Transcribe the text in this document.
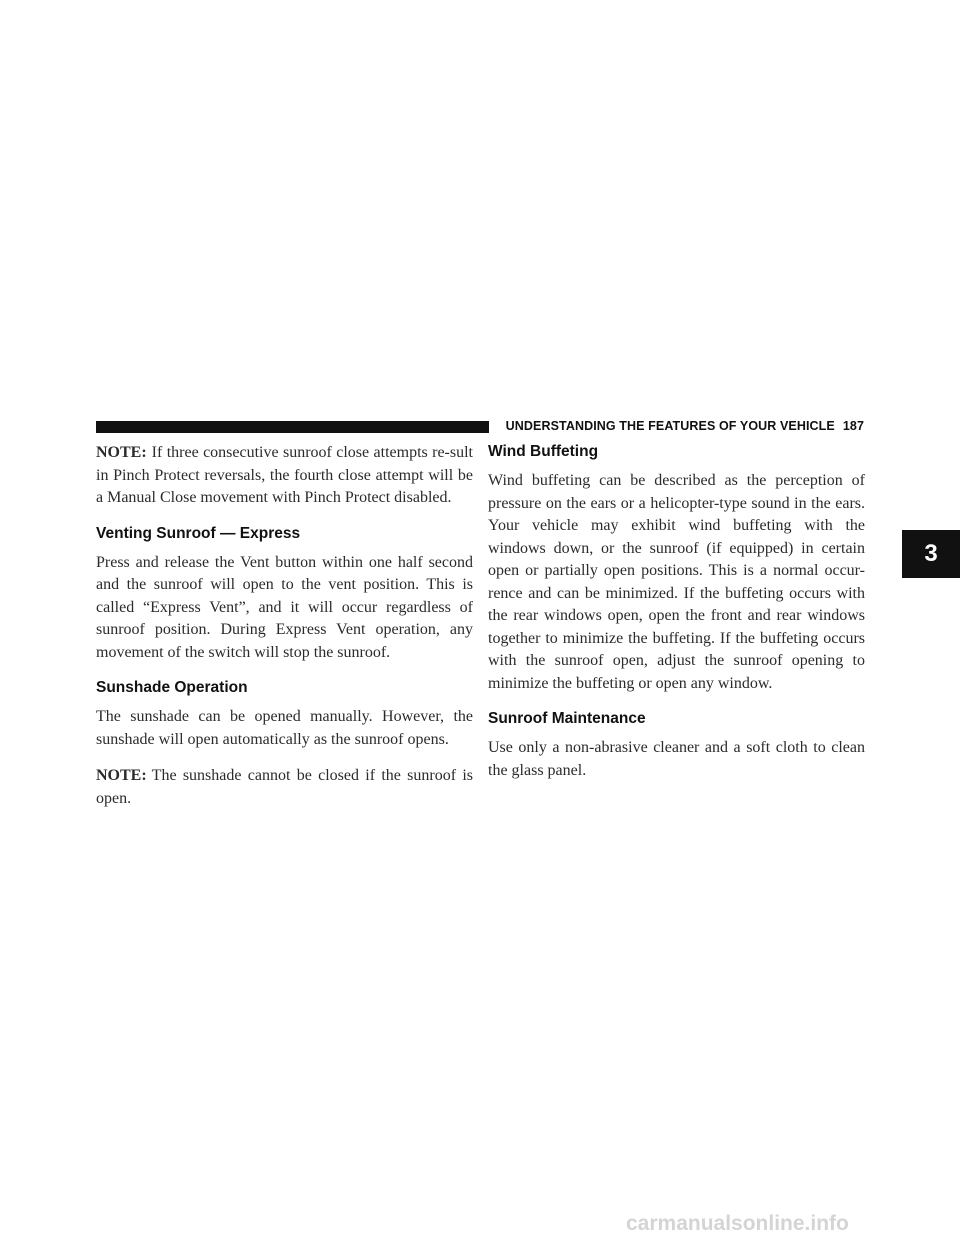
UNDERSTANDING THE FEATURES OF YOUR VEHICLE 187

NOTE: If three consecutive sunroof close attempts re-sult in Pinch Protect reversals, the fourth close attempt will be a Manual Close movement with Pinch Protect disabled.

Venting Sunroof — Express

Press and release the Vent button within one half second and the sunroof will open to the vent position. This is called “Express Vent”, and it will occur regardless of sunroof position. During Express Vent operation, any movement of the switch will stop the sunroof.

Sunshade Operation

The sunshade can be opened manually. However, the sunshade will open automatically as the sunroof opens.

NOTE: The sunshade cannot be closed if the sunroof is open.

Wind Buffeting

Wind buffeting can be described as the perception of pressure on the ears or a helicopter-type sound in the ears. Your vehicle may exhibit wind buffeting with the windows down, or the sunroof (if equipped) in certain open or partially open positions. This is a normal occur-rence and can be minimized. If the buffeting occurs with the rear windows open, open the front and rear windows together to minimize the buffeting. If the buffeting occurs with the sunroof open, adjust the sunroof opening to minimize the buffeting or open any window.

Sunroof Maintenance

Use only a non-abrasive cleaner and a soft cloth to clean the glass panel.

3
carmanualsonline.info
